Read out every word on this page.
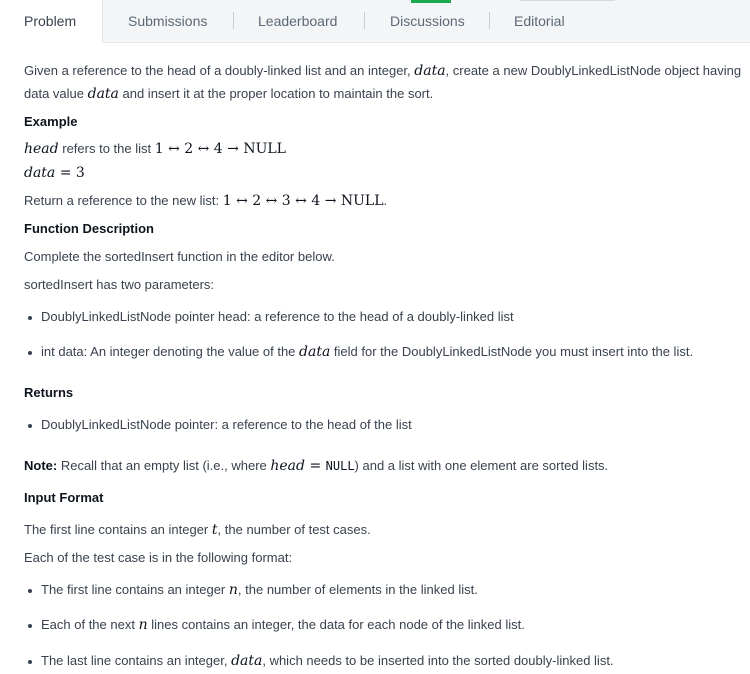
Problem	Submissions	Leaderboard	Discussions	Editorial
Given a reference to the head of a doubly-linked list and an integer, data, create a new DoublyLinkedListNode object having
data value data and insert it at the proper location to maintain the sort.
Example
head refers to the list 1 ↔ 2 ↔ 4 → NULL
data = 3
Return a reference to the new list: 1 ↔ 2 ↔ 3 ↔ 4 → NULL.
Function Description
Complete the sortedInsert function in the editor below.
sortedInsert has two parameters:
DoublyLinkedListNode pointer head: a reference to the head of a doubly-linked list
int data: An integer denoting the value of the data field for the DoublyLinkedListNode you must insert into the list.
Returns
DoublyLinkedListNode pointer: a reference to the head of the list
Note: Recall that an empty list (i.e., where head = NULL) and a list with one element are sorted lists.
Input Format
The first line contains an integer t, the number of test cases.
Each of the test case is in the following format:
The first line contains an integer n, the number of elements in the linked list.
Each of the next n lines contains an integer, the data for each node of the linked list.
The last line contains an integer, data, which needs to be inserted into the sorted doubly-linked list.
